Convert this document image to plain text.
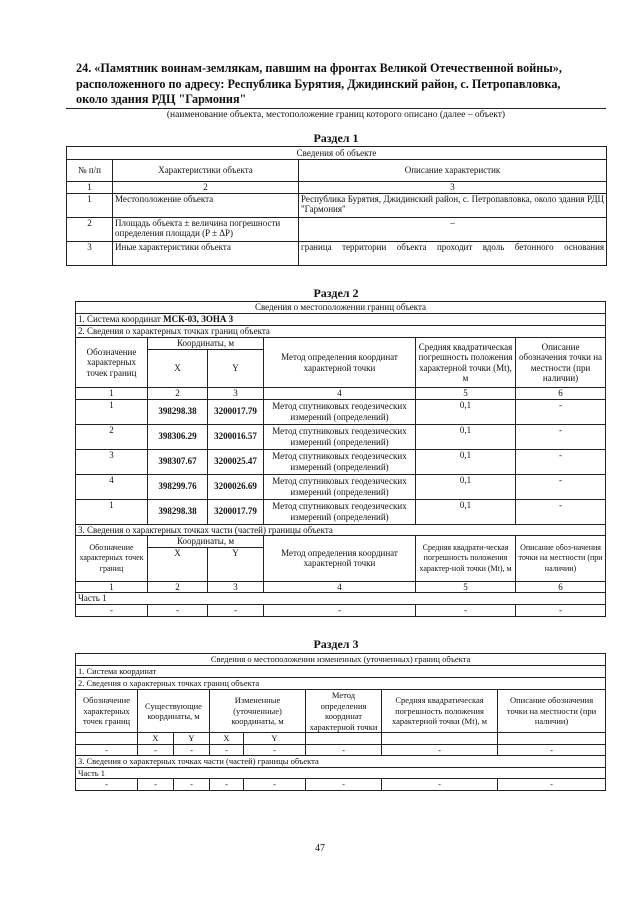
24. «Памятник воинам-землякам, павшим на фронтах Великой Отечественной войны»,
расположенного по адресу: Республика Бурятия, Джидинский район, с. Петропавловка,
около здания РДЦ "Гармония"
(наименование объекта, местоположение границ которого описано (далее – объект)
Раздел 1
Сведения об объекте		
№ п/п	Характеристики объекта	Описание характеристик
1	2	3
1	Местоположение объекта	Республика Бурятия, Джидинский район, с. Петропавловка, около здания РДЦ "Гармония"
2	Площадь объекта ± величина погрешности определения площади (P ± ΔP)	–
3	Иные характеристики объекта	граница территории объекта проходит вдоль бетонного основания
Раздел 2
Сведения о местоположении границ объекта					
1. Система координат МСК-03, ЗОНА 3					
2. Сведения о характерных точках границ объекта					
Обозначение характерных точек границ	Координаты, м		Метод определения координат характерной точки	Средняя квадратическая погрешность положения характерной точки (Mt), м	Описание обозначения точки на местности (при наличии)
	X	Y			
1	2	3	4	5	6
1	398298.38	3200017.79	Метод спутниковых геодезических измерений (определений)	0,1	-
2	398306.29	3200016.57	Метод спутниковых геодезических измерений (определений)	0,1	-
3	398307.67	3200025.47	Метод спутниковых геодезических измерений (определений)	0,1	-
4	398299.76	3200026.69	Метод спутниковых геодезических измерений (определений)	0,1	-
1	398298.38	3200017.79	Метод спутниковых геодезических измерений (определений)	0,1	-
3. Сведения о характерных точках части (частей) границы объекта					
Обозначение характерных точек границ	Координаты, м		Метод определения координат характерной точки	Средняя квадрати-ческая погрешность положения характер-ной точки (Mt), м	Описание обоз-начения точки на местности (при наличии)
	X	Y			
1	2	3	4	5	6
Часть 1					
-	-	-	-	-	-
Раздел 3
Сведения о местоположении измененных (уточненных) границ объекта							
1. Система координат							
2. Сведения о характерных точках границ объекта							
Обозначение характерных точек границ	Существующие координаты, м		Измененные (уточненные) координаты, м		Метод определения координат характерной точки	Средняя квадратическая погрешность положения характерной точки (Mt), м	Описание обозначения точки на местности (при наличии)
	X	Y	X	Y			
-	-	-	-	-	-	-	-
3. Сведения о характерных точках части (частей) границы объекта							
Часть 1							
-	-	-	-	-	-	-	-
47
